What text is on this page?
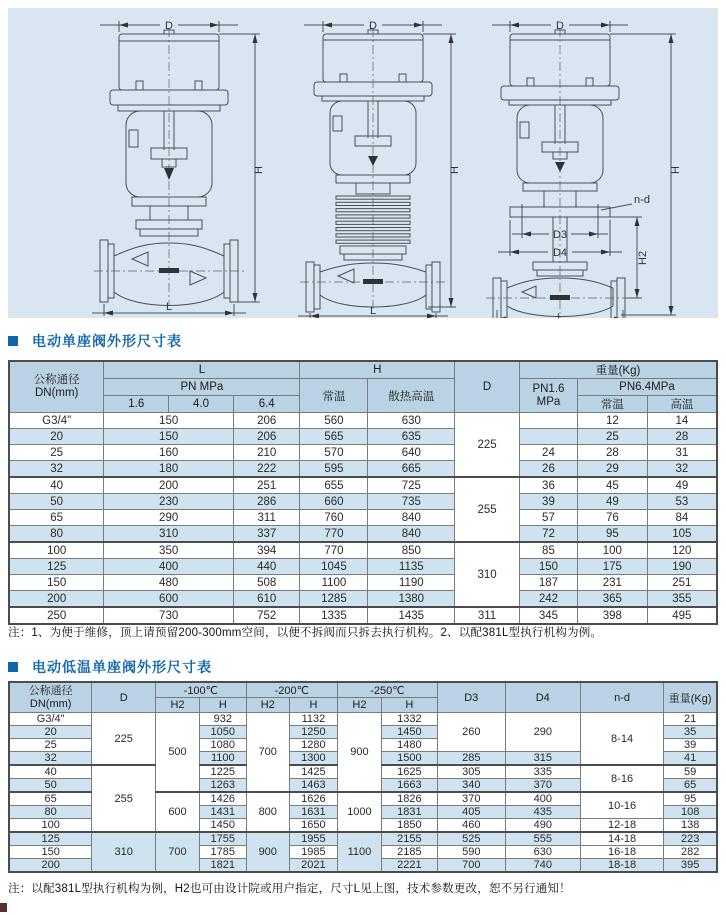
D
L
H
D
H
L
D
n-d
D3
D4	H2
H
L
电动单座阀外形尺寸表
公称通径
DN(mm)	L			H		D	重量(Kg)		
	PN MPa			常温	散热高温		PN1.6
MPa	PN6.4MPa	
	1.6	4.0	6.4					常温	高温
G3/4"	150		206	560	630	225		12	14
20	150		206	565	635			25	28
25	160		210	570	640		24	28	31
32	180		222	595	665		26	29	32
40	200		251	655	725	255	36	45	49
50	230		286	660	735		39	49	53
65	290		311	760	840		57	76	84
80	310		337	770	840		72	95	105
100	350		394	770	850	310	85	100	120
125	400		440	1045	1135		150	175	190
150	480		508	1100	1190		187	231	251
200	600		610	1285	1380		242	365	355
250	730		752	1335	1435	311	345	398	495
注：1、为便于维修，顶上请预留200-300mm空间，以便不拆阀而只拆去执行机构。2、以配381L型执行机构为例。
电动低温单座阀外形尺寸表
公称通径
DN(mm)	D	-100℃		-200℃		-250℃		D3	D4	n-d	重量(Kg)
		H2	H	H2	H	H2	H				
G3/4"	225	500	932	700	1132	900	1332	260	290	8-14	21
20			1050		1250		1450				35
25			1080		1280		1480				39
32			1100		1300		1500	285	315		41
40	255		1225		1425		1625	305	335	8-16	59
50			1263		1463		1663	340	370		65
65		600	1426	800	1626	1000	1826	370	400	10-16	95
80			1431		1631		1831	405	435		108
100			1450		1650		1850	460	490	12-18	138
125	310	700	1755	900	1955	1100	2155	525	555	14-18	223
150			1785		1985		2185	590	630	16-18	282
200			1821		2021		2221	700	740	18-18	395
注：以配381L型执行机构为例，H2也可由设计院或用户指定，尺寸L见上图，技术参数更改，恕不另行通知！
